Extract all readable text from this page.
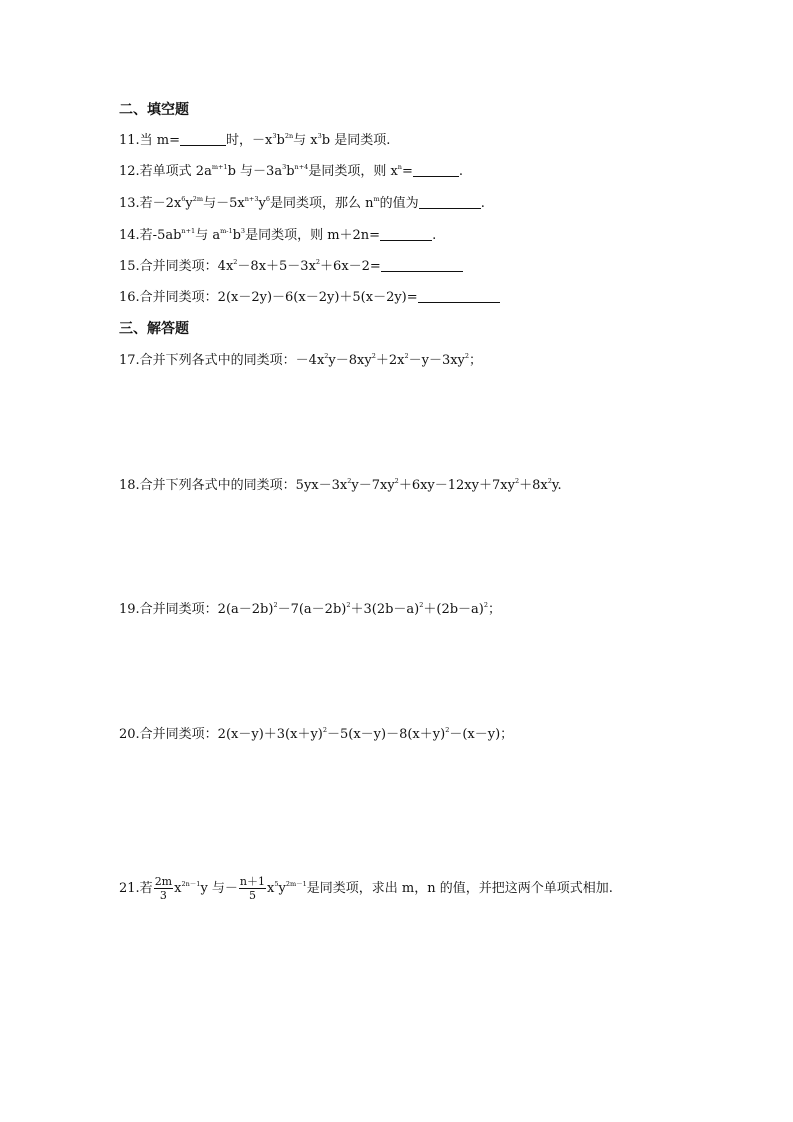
二、填空题
11.当 m=	时，$-x^3b^{2n}$与 $x^3b$ 是同类项.
12.若单项式 $2a^{m+1}b$ 与$-3a^3b^{n+4}$是同类项，则 $x^n=$	.
13.若$-2x^6y^{2m}$与$-5x^{n+3}y^6$是同类项，那么 $n^m$的值为	.
14.若$-5ab^{n+1}$与 $a^{m-1}b^3$是同类项，则 m＋2n=	.
15.合并同类项：$4x^2-8x+5-3x^2+6x-2=$
16.合并同类项：2(x－2y)－6(x－2y)＋5(x－2y)=
三、解答题
17.合并下列各式中的同类项：$-4x^2y-8xy^2+2x^2-y-3xy^2$；
18.合并下列各式中的同类项：$5yx-3x^2y-7xy^2+6xy-12xy+7xy^2+8x^2y$.
19.合并同类项：$2(a-2b)^2-7(a-2b)^2+3(2b-a)^2+(2b-a)^2$；
20.合并同类项：$2(x-y)+3(x+y)^2-5(x-y)-8(x+y)^2-(x-y)$；
21.若 $\frac{2m}{3} x^{2n-1}y$ 与－ $\frac{n+1}{5} x^5y^{2m-1}$是同类项，求出 m，n 的值，并把这两个单项式相加.
